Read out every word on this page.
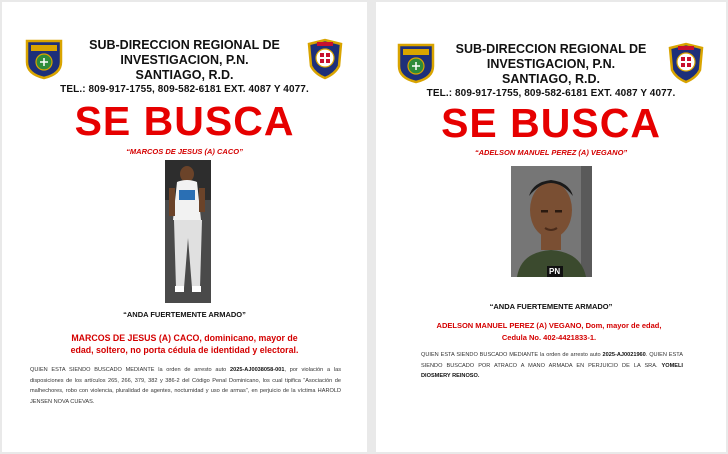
SUB-DIRECCION REGIONAL DE
INVESTIGACION, P.N.
SANTIAGO, R.D.
TEL.: 809-917-1755, 809-582-6181 EXT. 4087 Y 4077.
SE BUSCA
“MARCOS DE JESUS (A) CACO”
“ANDA FUERTEMENTE ARMADO”
MARCOS DE JESUS (A) CACO, dominicano, mayor de
edad, soltero, no porta cédula de identidad y electoral.
QUIEN ESTA SIENDO BUSCADO MEDIANTE la orden de arresto auto 2025-AJ0038058-001, por violación a las disposiciones de los artículos 265, 266, 379, 382 y 386-2 del Código Penal Dominicano, los cual tipifica “Asociación de malhechores, robo con violencia, pluralidad de agentes, nocturnidad y uso de armas”, en perjuicio de la víctima HAROLD JENSEN NOVA CUEVAS.
SUB-DIRECCION REGIONAL DE
INVESTIGACION, P.N.
SANTIAGO, R.D.
TEL.: 809-917-1755, 809-582-6181 EXT. 4087 Y 4077.
SE BUSCA
“ADELSON MANUEL PEREZ (A) VEGANO”
PN
“ANDA FUERTEMENTE ARMADO”
ADELSON MANUEL PEREZ (A) VEGANO, Dom, mayor de edad,
Cedula No. 402-4421833-1.
QUIEN ESTA SIENDO BUSCADO MEDIANTE la orden de arresto auto 2025-AJ0021960. QUIEN ESTA SIENDO BUSCADO POR ATRACO A MANO ARMADA EN PERJUICIO DE LA SRA. YOMELI DIOSMERY REINOSO.
